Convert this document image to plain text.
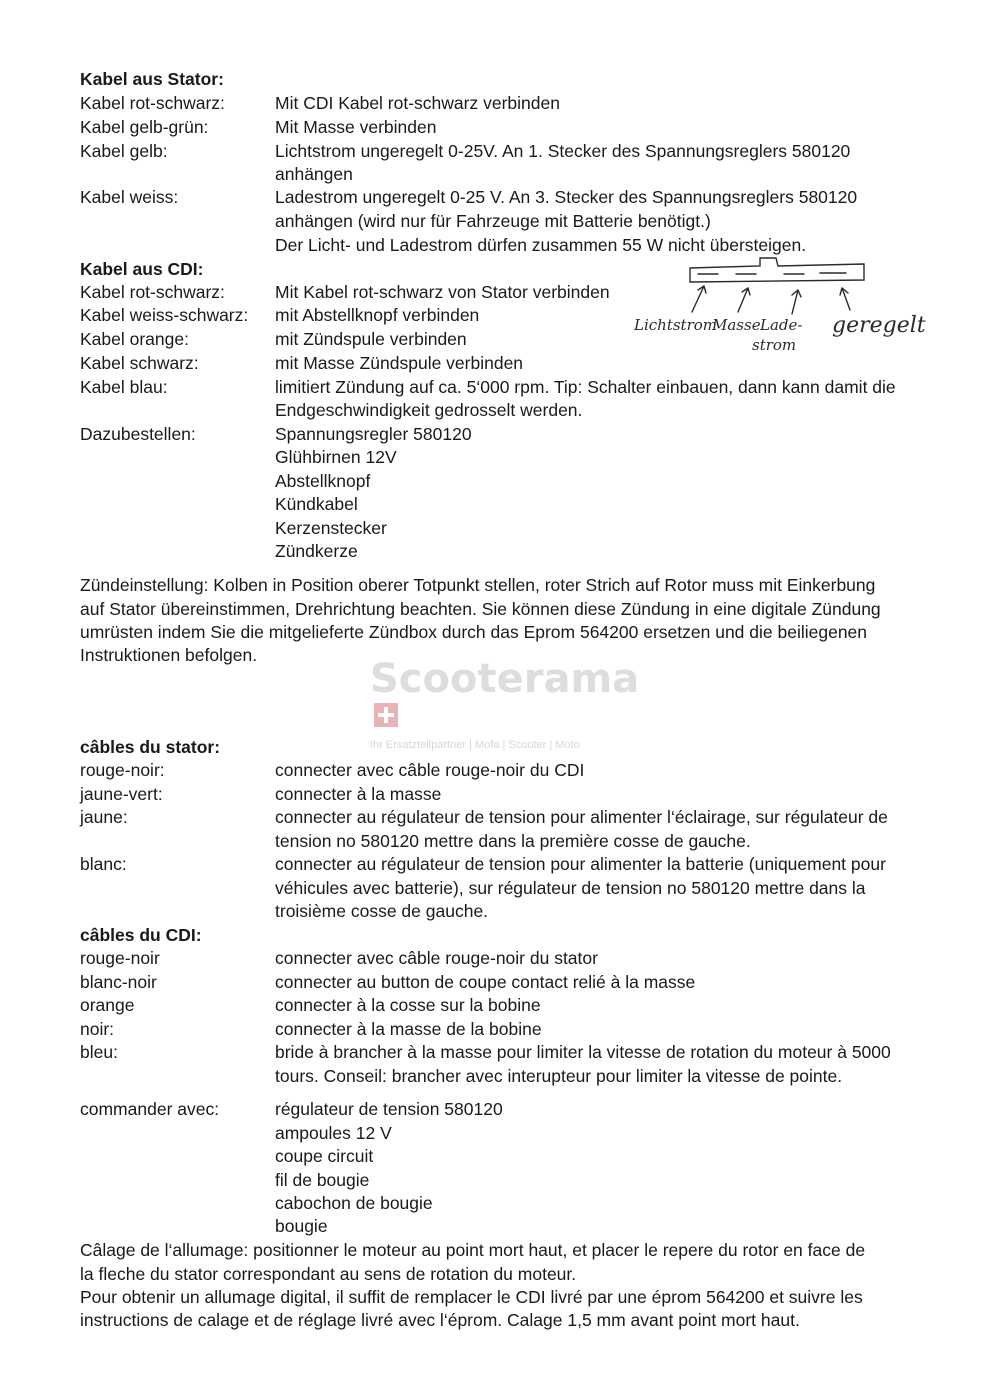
Kabel aus Stator:
Kabel rot-schwarz:	Mit CDI Kabel rot-schwarz verbinden
Kabel gelb-grün:	Mit Masse verbinden
Kabel gelb:	Lichtstrom ungeregelt 0-25V. An 1. Stecker des Spannungsreglers 580120
anhängen
Kabel weiss:	Ladestrom ungeregelt 0-25 V. An 3. Stecker des Spannungsreglers 580120
anhängen (wird nur für Fahrzeuge mit Batterie benötigt.)
Der Licht- und Ladestrom dürfen zusammen 55 W nicht übersteigen.
Kabel aus CDI:
Kabel rot-schwarz:	Mit Kabel rot-schwarz von Stator verbinden
Kabel weiss-schwarz: mit Abstellknopf verbinden
Kabel orange:	mit Zündspule verbinden
Kabel schwarz:	mit Masse Zündspule verbinden
Kabel blau:	limitiert Zündung auf ca. 5‘000 rpm. Tip: Schalter einbauen, dann kann damit die
Endgeschwindigkeit gedrosselt werden.
Dazubestellen:	Spannungsregler 580120
Glühbirnen 12V
Abstellknopf
Kündkabel
Kerzenstecker
Zündkerze
Zündeinstellung: Kolben in Position oberer Totpunkt stellen, roter Strich auf Rotor muss mit Einkerbung
auf Stator übereinstimmen, Drehrichtung beachten. Sie können diese Zündung in eine digitale Zündung
umrüsten indem Sie die mitgelieferte Zündbox durch das Eprom 564200 ersetzen und die beiliegenen
Instruktionen befolgen.
Lichtstrom
Masse Lade-
strom
geregelt
Scooterama
Ihr Ersatzteilpartner | Mofa | Scooter | Moto
câbles du stator:
rouge-noir:	connecter avec câble rouge-noir du CDI
jaune-vert:	connecter à la masse
jaune:	connecter au régulateur de tension pour alimenter l‘éclairage, sur régulateur de
tension no 580120 mettre dans la première cosse de gauche.
blanc:	connecter au régulateur de tension pour alimenter la batterie (uniquement pour
véhicules avec batterie), sur régulateur de tension no 580120 mettre dans la
troisième cosse de gauche.
câbles du CDI:
rouge-noir	connecter avec câble rouge-noir du stator
blanc-noir	connecter au button de coupe contact relié à la masse
orange	connecter à la cosse sur la bobine
noir:	connecter à la masse de la bobine
bleu:	bride à brancher à la masse pour limiter la vitesse de rotation du moteur à 5000
tours. Conseil: brancher avec interupteur pour limiter la vitesse de pointe.
commander avec:	régulateur de tension 580120
ampoules 12 V
coupe circuit
fil de bougie
cabochon de bougie
bougie
Câlage de l‘allumage: positionner le moteur au point mort haut, et placer le repere du rotor en face de
la fleche du stator correspondant au sens de rotation du moteur.
Pour obtenir un allumage digital, il suffit de remplacer le CDI livré par une éprom 564200 et suivre les
instructions de calage et de réglage livré avec l‘éprom. Calage 1,5 mm avant point mort haut.
